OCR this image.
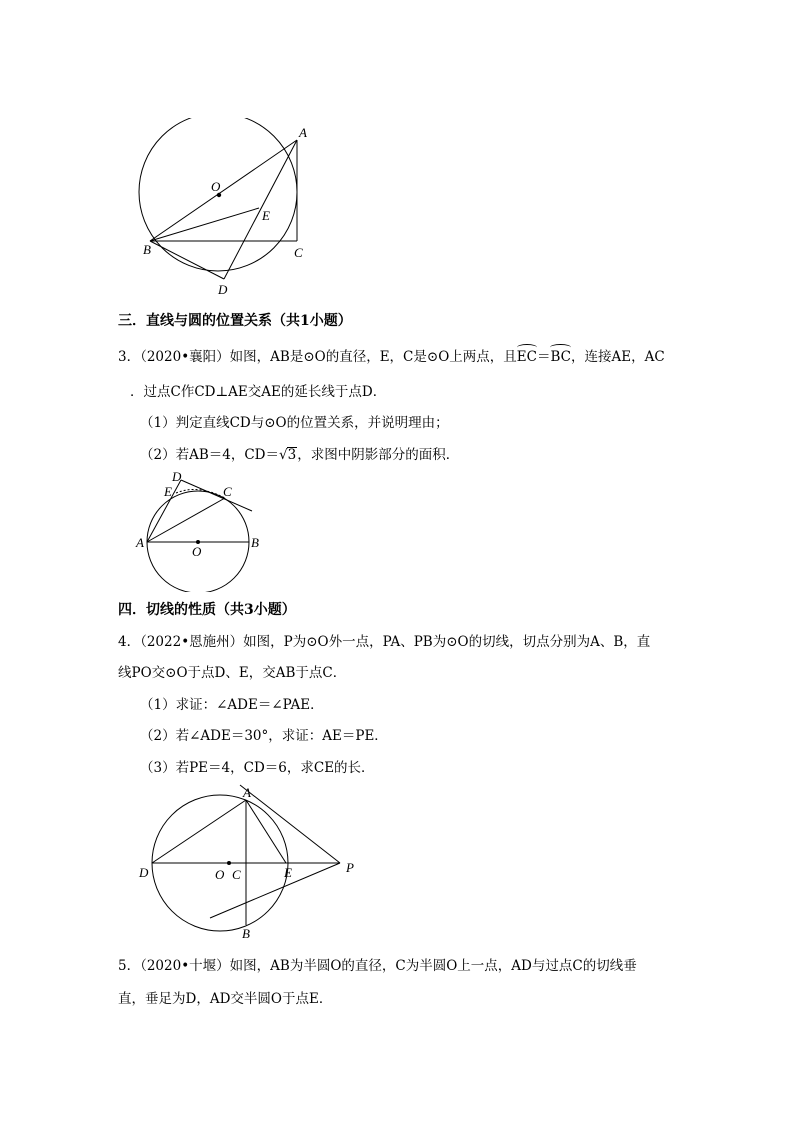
A
O
E
B	C
D
三．直线与圆的位置关系（共1小题）
3．（2020•襄阳）如图，AB是⊙O的直径，E，C是⊙O上两点，且EC＝BC，连接AE，AC
．过点C作CD⊥AE交AE的延长线于点D．
（1）判定直线CD与⊙O的位置关系，并说明理由；
（2）若AB＝4，CD＝√3，求图中阴影部分的面积．
D
E	C
A
O
B
四．切线的性质（共3小题）
4．（2022•恩施州）如图，P为⊙O外一点，PA、PB为⊙O的切线，切点分别为A、B，直
线PO交⊙O于点D、E，交AB于点C．
（1）求证：∠ADE＝∠PAE．
（2）若∠ADE＝30°，求证：AE＝PE．
（3）若PE＝4，CD＝6，求CE的长．
A
D	O C	E	P
B
5．（2020•十堰）如图，AB为半圆O的直径，C为半圆O上一点，AD与过点C的切线垂
直，垂足为D，AD交半圆O于点E．
